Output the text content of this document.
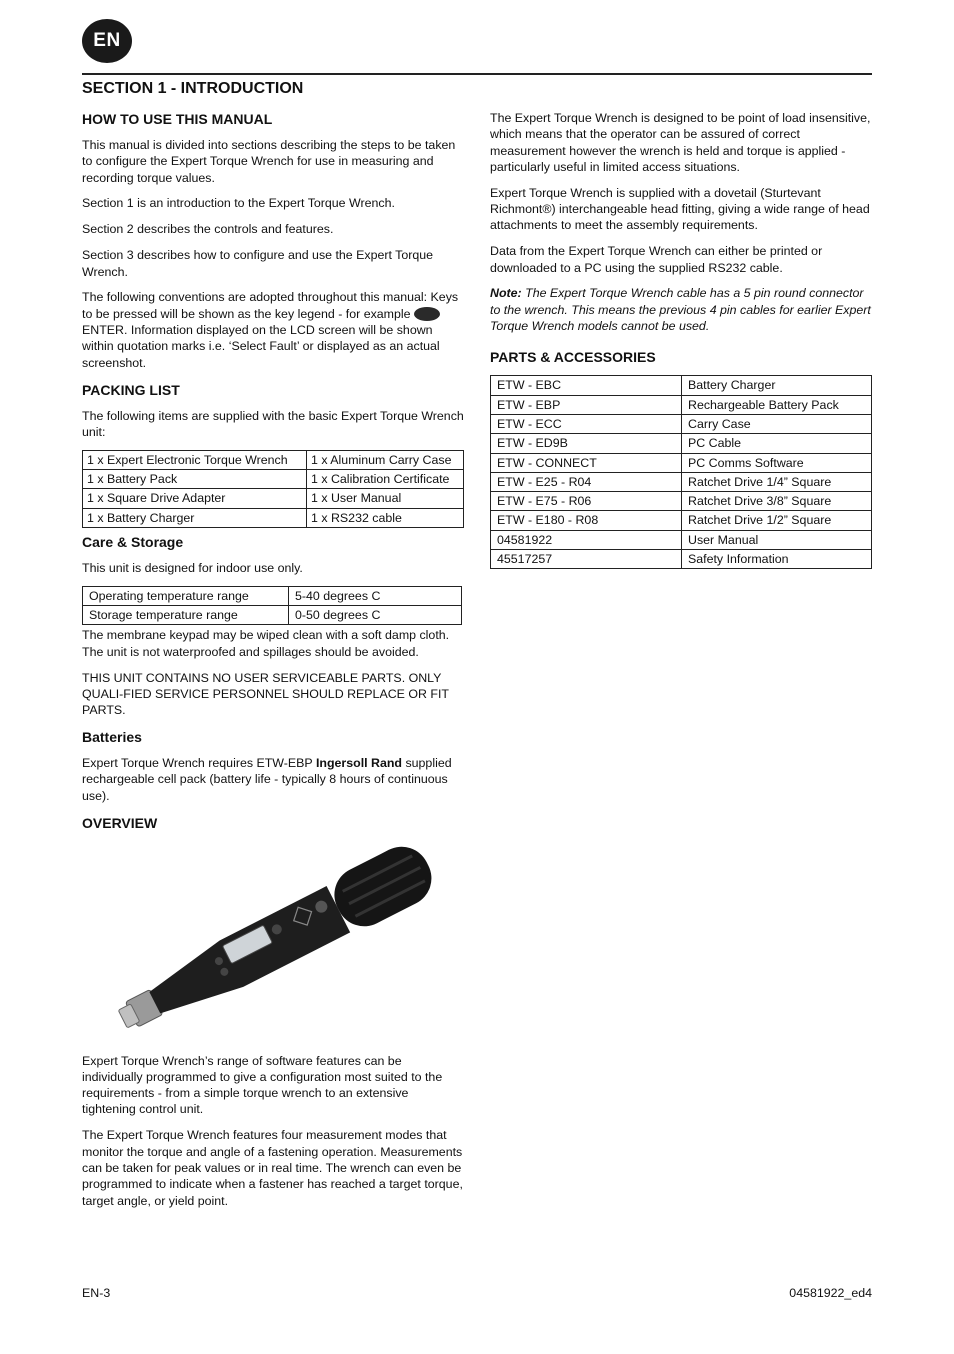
EN
SECTION 1 - INTRODUCTION
HOW TO USE THIS MANUAL

This manual is divided into sections describing the steps to be taken to configure the Expert Torque Wrench for use in measuring and recording torque values.

Section 1 is an introduction to the Expert Torque Wrench.

Section 2 describes the controls and features.

Section 3 describes how to configure and use the Expert Torque Wrench.

The following conventions are adopted throughout this manual: Keys to be pressed will be shown as the key legend - for example ENTER. Information displayed on the LCD screen will be shown within quotation marks i.e. ‘Select Fault’ or displayed as an actual screenshot.

PACKING LIST

The following items are supplied with the basic Expert Torque Wrench unit:

1 x Expert Electronic Torque Wrench	1 x Aluminum Carry Case
1 x Battery Pack	1 x Calibration Certificate
1 x Square Drive Adapter	1 x User Manual
1 x Battery Charger	1 x RS232 cable
Care & Storage

This unit is designed for indoor use only.

Operating temperature range	5-40 degrees C
Storage temperature range	0-50 degrees C

The membrane keypad may be wiped clean with a soft damp cloth. The unit is not waterproofed and spillages should be avoided.

THIS UNIT CONTAINS NO USER SERVICEABLE PARTS. ONLY QUALI-FIED SERVICE PERSONNEL SHOULD REPLACE OR FIT PARTS.

Batteries

Expert Torque Wrench requires ETW-EBP Ingersoll Rand supplied rechargeable cell pack (battery life - typically 8 hours of continuous use).

OVERVIEW

Expert Torque Wrench’s range of software features can be individually programmed to give a configuration most suited to the requirements - from a simple torque wrench to an extensive tightening control unit.

The Expert Torque Wrench features four measurement modes that monitor the torque and angle of a fastening operation. Measurements can be taken for peak values or in real time. The wrench can even be programmed to indicate when a fastener has reached a target torque, target angle, or yield point.

The Expert Torque Wrench is designed to be point of load insensitive, which means that the operator can be assured of correct measurement however the wrench is held and torque is applied - particularly useful in limited access situations.

Expert Torque Wrench is supplied with a dovetail (Sturtevant Richmont®) interchangeable head fitting, giving a wide range of head attachments to meet the assembly requirements.

Data from the Expert Torque Wrench can either be printed or downloaded to a PC using the supplied RS232 cable.

Note: The Expert Torque Wrench cable has a 5 pin round connector to the wrench. This means the previous 4 pin cables for earlier Expert Torque Wrench models cannot be used.

PARTS & ACCESSORIES
ETW - EBC	Battery Charger
ETW - EBP	Rechargeable Battery Pack
ETW - ECC	Carry Case
ETW - ED9B	PC Cable
ETW - CONNECT	PC Comms Software
ETW - E25 - R04	Ratchet Drive 1/4” Square
ETW - E75 - R06	Ratchet Drive 3/8” Square
ETW - E180 - R08	Ratchet Drive 1/2” Square
04581922	User Manual
45517257	Safety Information
EN-3	04581922_ed4
